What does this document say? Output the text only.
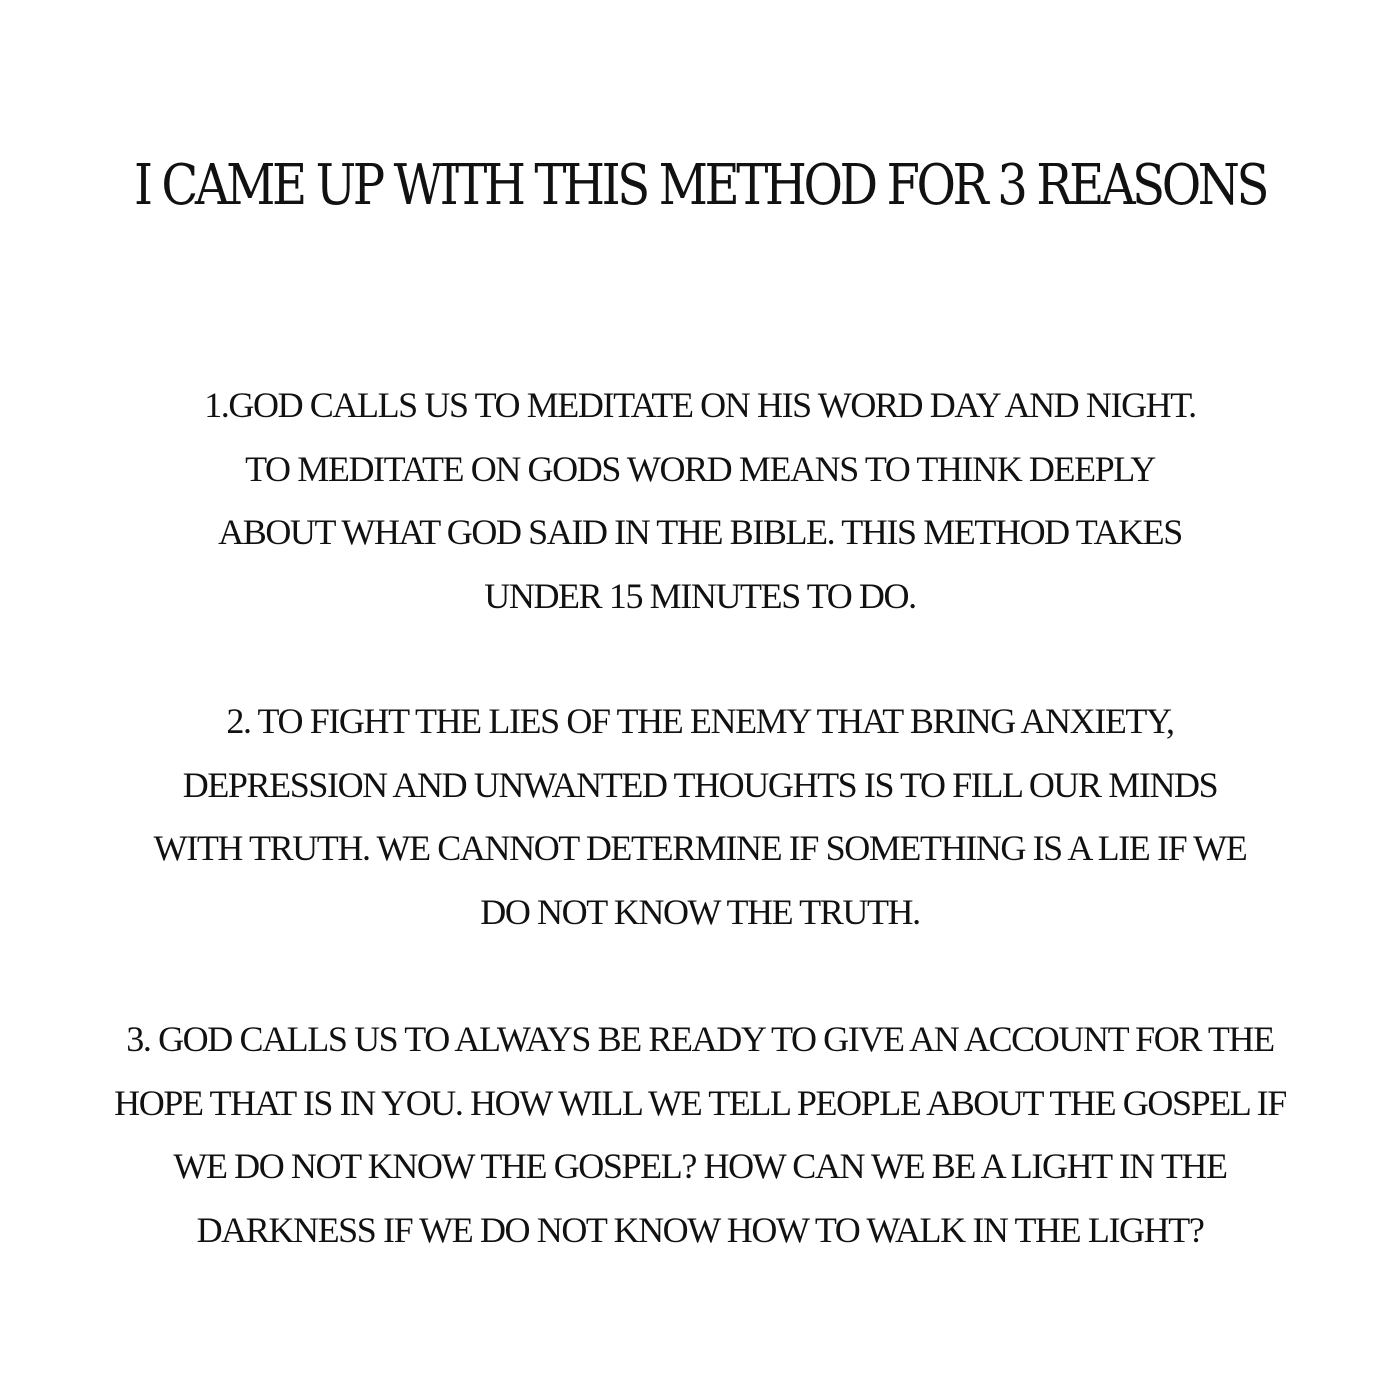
I CAME UP WITH THIS METHOD FOR 3 REASONS
1.GOD CALLS US TO MEDITATE ON HIS WORD DAY AND NIGHT.
TO MEDITATE ON GODS WORD MEANS TO THINK DEEPLY
ABOUT WHAT GOD SAID IN THE BIBLE. THIS METHOD TAKES
UNDER 15 MINUTES TO DO.
2. TO FIGHT THE LIES OF THE ENEMY THAT BRING ANXIETY,
DEPRESSION AND UNWANTED THOUGHTS IS TO FILL OUR MINDS
WITH TRUTH. WE CANNOT DETERMINE IF SOMETHING IS A LIE IF WE
DO NOT KNOW THE TRUTH.
3. GOD CALLS US TO ALWAYS BE READY TO GIVE AN ACCOUNT FOR THE
HOPE THAT IS IN YOU. HOW WILL WE TELL PEOPLE ABOUT THE GOSPEL IF
WE DO NOT KNOW THE GOSPEL? HOW CAN WE BE A LIGHT IN THE
DARKNESS IF WE DO NOT KNOW HOW TO WALK IN THE LIGHT?
